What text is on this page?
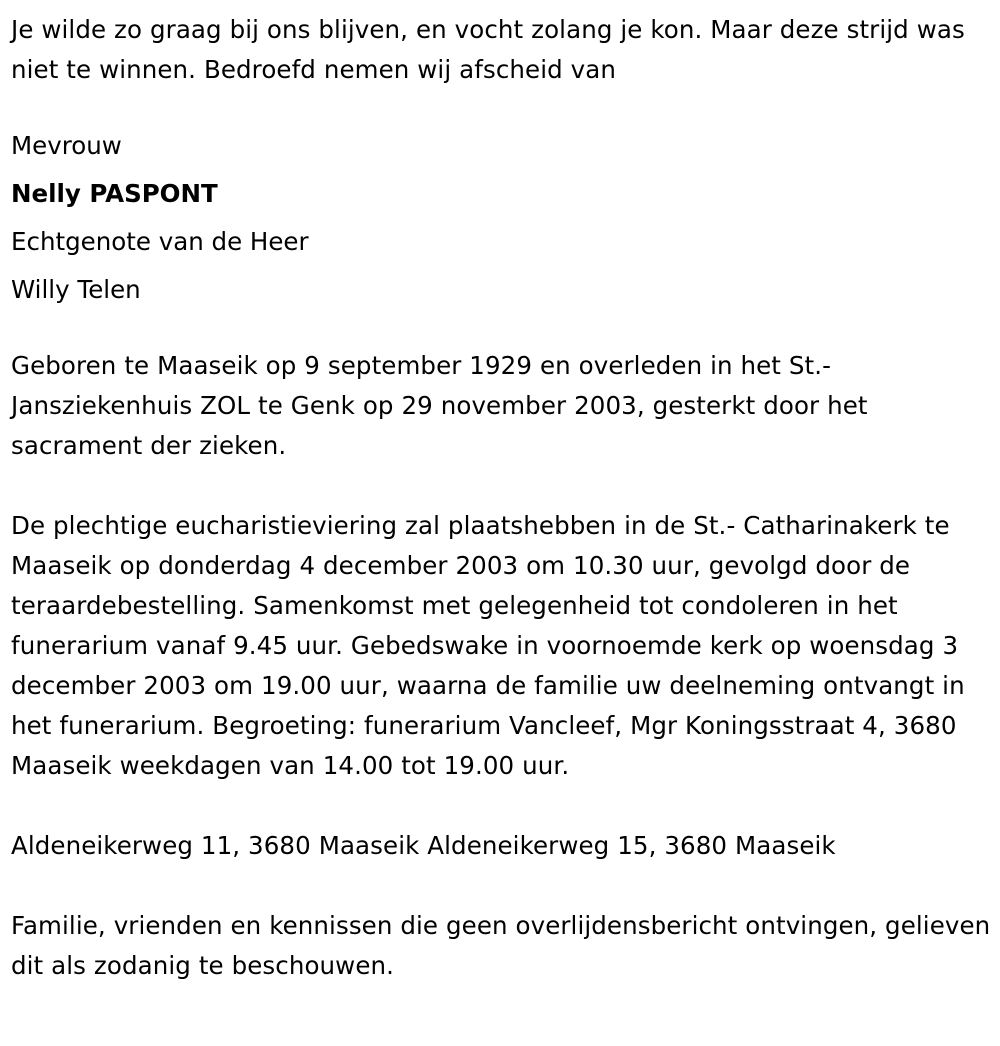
Je wilde zo graag bij ons blijven, en vocht zolang je kon. Maar deze strijd was niet te winnen. Bedroefd nemen wij afscheid van

Mevrouw
Nelly PASPONT
Echtgenote van de Heer
Willy Telen

Geboren te Maaseik op 9 september 1929 en overleden in het St.-Jansziekenhuis ZOL te Genk op 29 november 2003, gesterkt door het sacrament der zieken.

De plechtige eucharistieviering zal plaatshebben in de St.- Catharinakerk te Maaseik op donderdag 4 december 2003 om 10.30 uur, gevolgd door de teraardebestelling. Samenkomst met gelegenheid tot condoleren in het funerarium vanaf 9.45 uur. Gebedswake in voornoemde kerk op woensdag 3 december 2003 om 19.00 uur, waarna de familie uw deelneming ontvangt in het funerarium. Begroeting: funerarium Vancleef, Mgr Koningsstraat 4, 3680 Maaseik weekdagen van 14.00 tot 19.00 uur.

Aldeneikerweg 11, 3680 Maaseik Aldeneikerweg 15, 3680 Maaseik

Familie, vrienden en kennissen die geen overlijdensbericht ontvingen, gelieven dit als zodanig te beschouwen.
